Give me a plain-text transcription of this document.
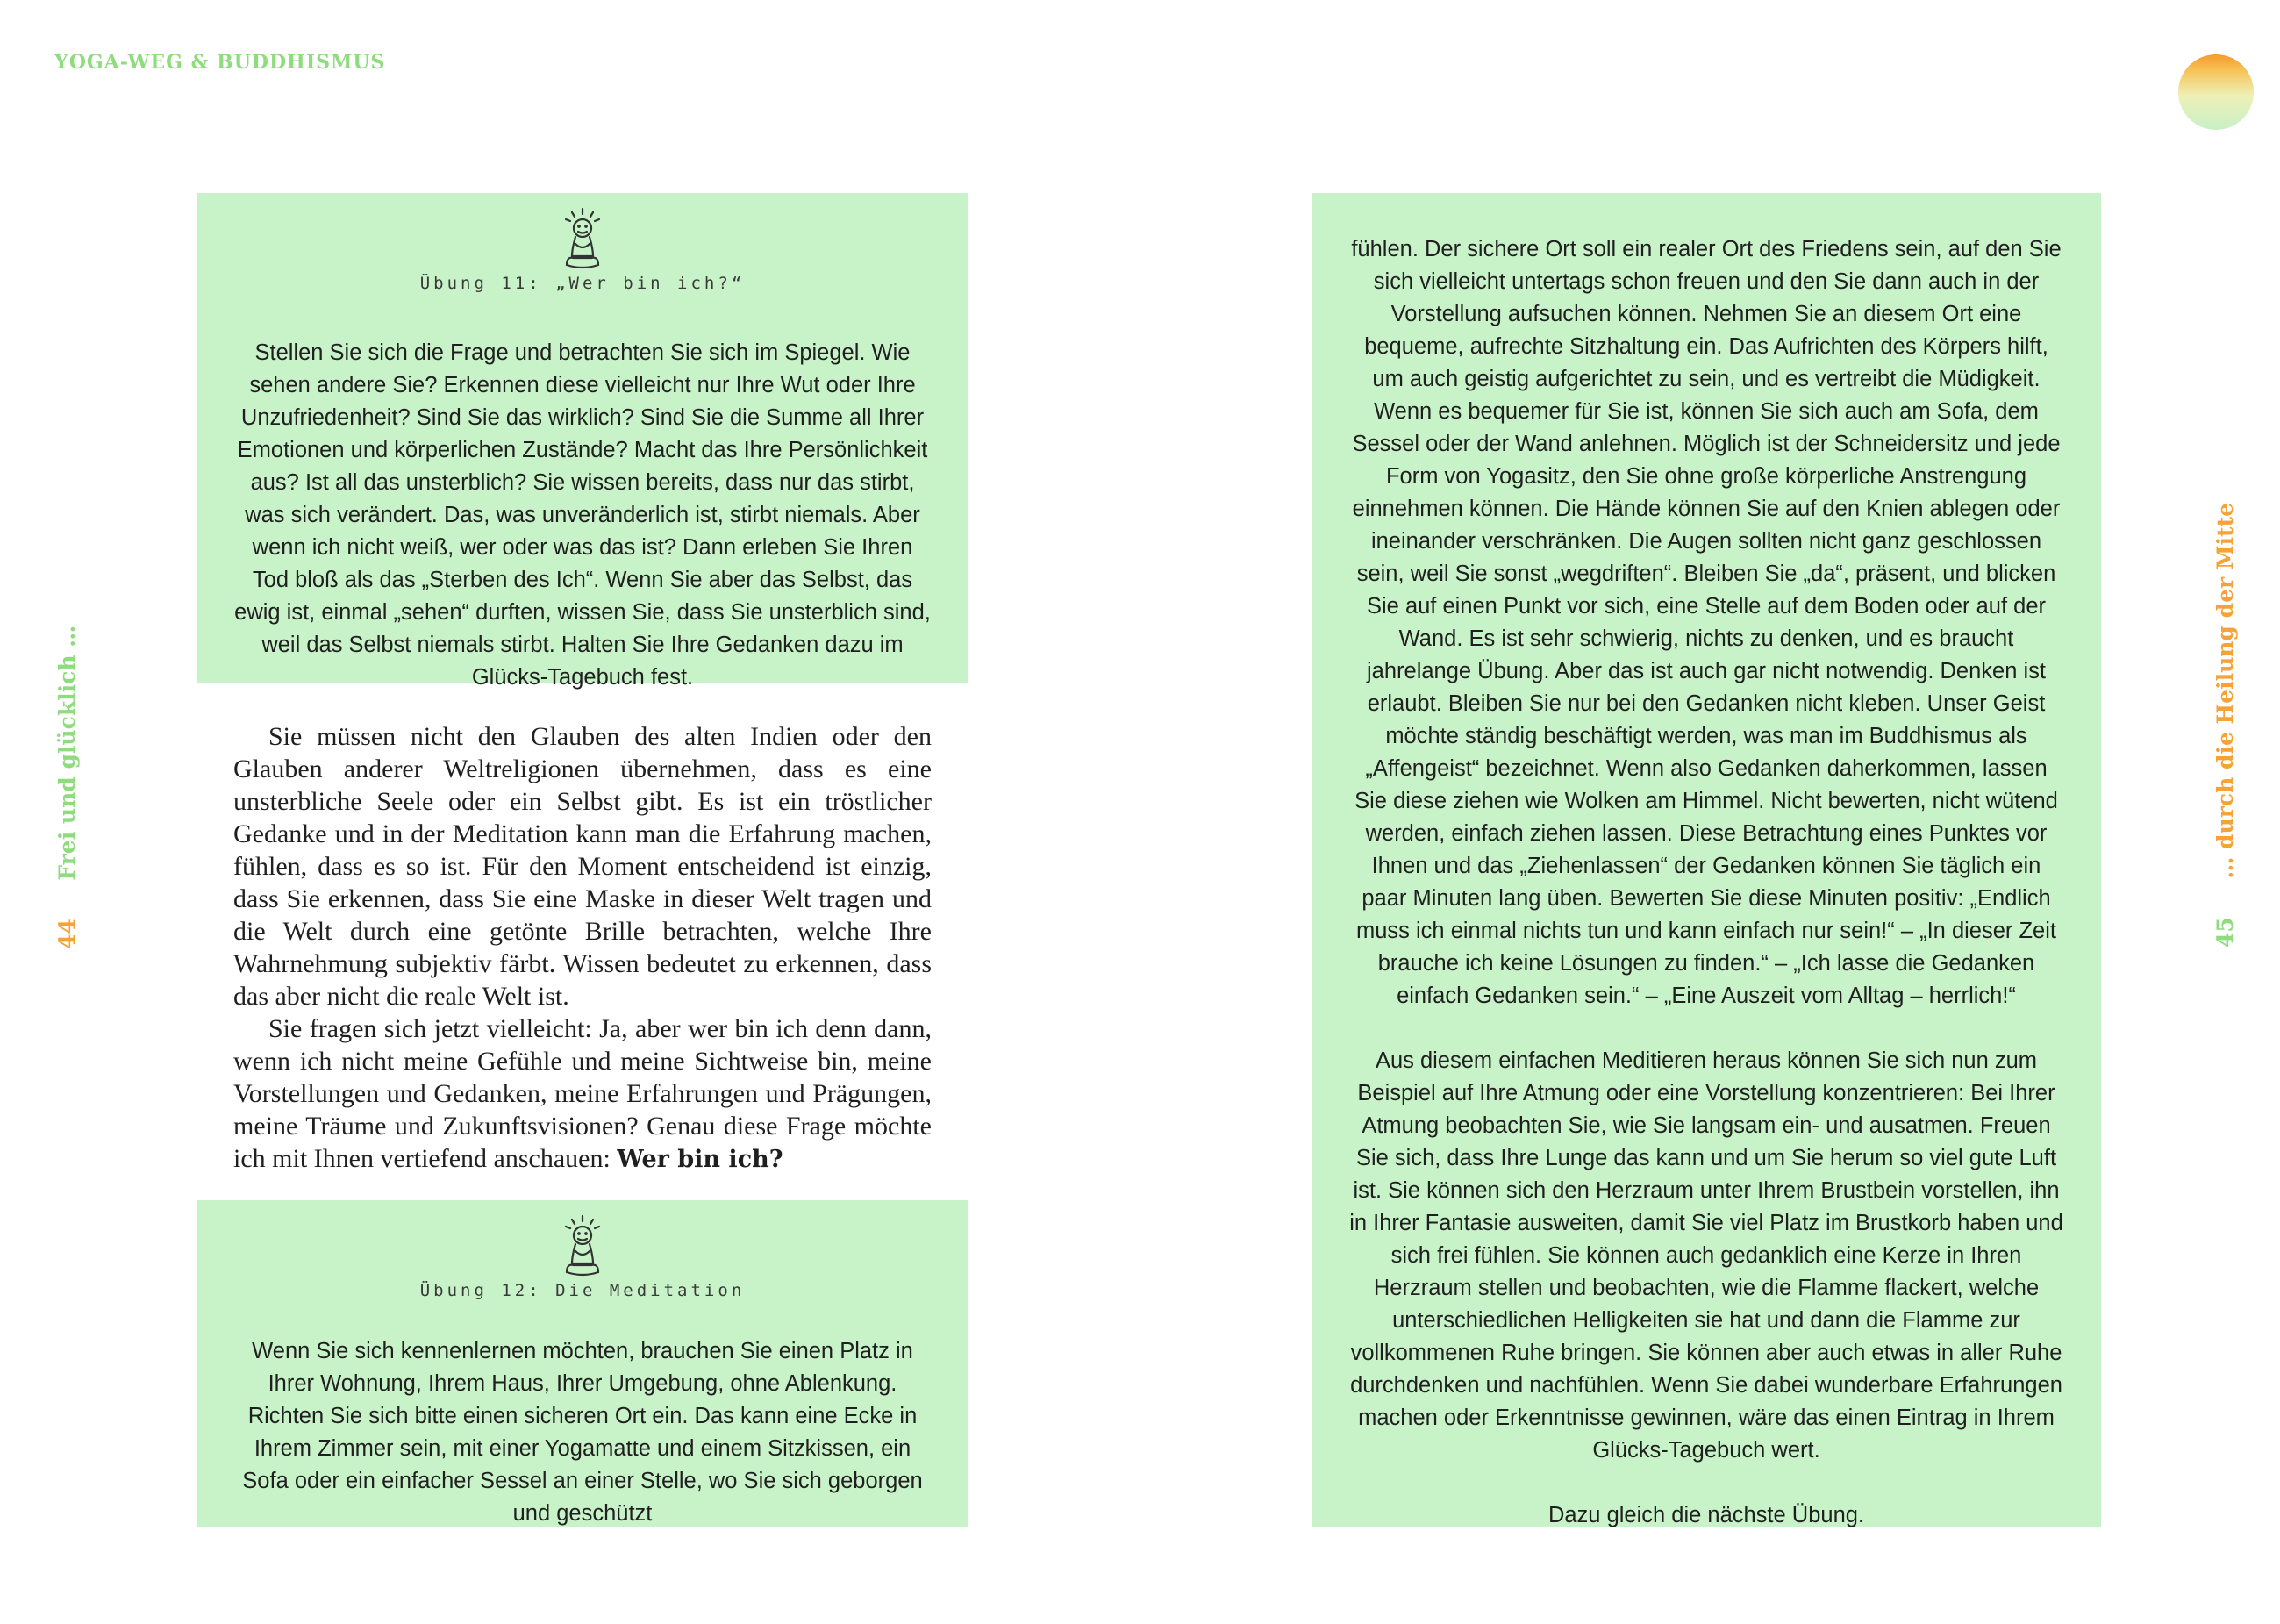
YOGA-WEG & BUDDHISMUS
44     Frei und glücklich …
45     … durch die Heilung der Mitte
Übung 11: „Wer bin ich?“
Stellen Sie sich die Frage und betrachten Sie sich im Spiegel. Wie sehen andere Sie? Erkennen diese vielleicht nur Ihre Wut oder Ihre Unzufriedenheit? Sind Sie das wirklich? Sind Sie die Summe all Ihrer Emotionen und körperlichen Zustände? Macht das Ihre Persönlichkeit aus? Ist all das unsterblich? Sie wissen bereits, dass nur das stirbt, was sich verändert. Das, was unveränderlich ist, stirbt niemals. Aber wenn ich nicht weiß, wer oder was das ist? Dann erleben Sie Ihren Tod bloß als das „Sterben des Ich“. Wenn Sie aber das Selbst, das ewig ist, einmal „sehen“ durften, wissen Sie, dass Sie unsterblich sind, weil das Selbst niemals stirbt. Halten Sie Ihre Gedanken dazu im Glücks-Tagebuch fest.

Sie müssen nicht den Glauben des alten Indien oder den Glauben anderer Weltreligionen übernehmen, dass es eine unsterbliche Seele oder ein Selbst gibt. Es ist ein tröstlicher Gedanke und in der Meditation kann man die Erfahrung machen, fühlen, dass es so ist. Für den Moment entscheidend ist einzig, dass Sie erkennen, dass Sie eine Maske in dieser Welt tragen und die Welt durch eine getönte Brille betrachten, welche Ihre Wahrnehmung subjektiv färbt. Wissen bedeutet zu erkennen, dass das aber nicht die reale Welt ist.

Sie fragen sich jetzt vielleicht: Ja, aber wer bin ich denn dann, wenn ich nicht meine Gefühle und meine Sichtweise bin, meine Vorstellungen und Gedanken, meine Erfahrungen und Prägungen, meine Träume und Zukunftsvisionen? Genau diese Frage möchte ich mit Ihnen vertiefend anschauen: Wer bin ich?

Übung 12: Die Meditation
Wenn Sie sich kennenlernen möchten, brauchen Sie einen Platz in Ihrer Wohnung, Ihrem Haus, Ihrer Umgebung, ohne Ablenkung. Richten Sie sich bitte einen sicheren Ort ein. Das kann eine Ecke in Ihrem Zimmer sein, mit einer Yogamatte und einem Sitzkissen, ein Sofa oder ein einfacher Sessel an einer Stelle, wo Sie sich geborgen und geschützt

fühlen. Der sichere Ort soll ein realer Ort des Friedens sein, auf den Sie sich vielleicht untertags schon freuen und den Sie dann auch in der Vorstellung aufsuchen können. Nehmen Sie an diesem Ort eine bequeme, aufrechte Sitzhaltung ein. Das Aufrichten des Körpers hilft, um auch geistig aufgerichtet zu sein, und es vertreibt die Müdigkeit. Wenn es bequemer für Sie ist, können Sie sich auch am Sofa, dem Sessel oder der Wand anlehnen. Möglich ist der Schneidersitz und jede Form von Yogasitz, den Sie ohne große körperliche Anstrengung einnehmen können. Die Hände können Sie auf den Knien ablegen oder ineinander verschränken. Die Augen sollten nicht ganz geschlossen sein, weil Sie sonst „wegdriften“. Bleiben Sie „da“, präsent, und blicken Sie auf einen Punkt vor sich, eine Stelle auf dem Boden oder auf der Wand. Es ist sehr schwierig, nichts zu denken, und es braucht jahrelange Übung. Aber das ist auch gar nicht notwendig. Denken ist erlaubt. Bleiben Sie nur bei den Gedanken nicht kleben. Unser Geist möchte ständig beschäftigt werden, was man im Buddhismus als „Affengeist“ bezeichnet. Wenn also Gedanken daherkommen, lassen Sie diese ziehen wie Wolken am Himmel. Nicht bewerten, nicht wütend werden, einfach ziehen lassen. Diese Betrachtung eines Punktes vor Ihnen und das „Ziehenlassen“ der Gedanken können Sie täglich ein paar Minuten lang üben. Bewerten Sie diese Minuten positiv: „Endlich muss ich einmal nichts tun und kann einfach nur sein!“ – „In dieser Zeit brauche ich keine Lösungen zu finden.“ – „Ich lasse die Gedanken einfach Gedanken sein.“ – „Eine Auszeit vom Alltag – herrlich!“

Aus diesem einfachen Meditieren heraus können Sie sich nun zum Beispiel auf Ihre Atmung oder eine Vorstellung konzentrieren: Bei Ihrer Atmung beobachten Sie, wie Sie langsam ein- und ausatmen. Freuen Sie sich, dass Ihre Lunge das kann und um Sie herum so viel gute Luft ist. Sie können sich den Herzraum unter Ihrem Brustbein vorstellen, ihn in Ihrer Fantasie ausweiten, damit Sie viel Platz im Brustkorb haben und sich frei fühlen. Sie können auch gedanklich eine Kerze in Ihren Herzraum stellen und beobachten, wie die Flamme flackert, welche unterschiedlichen Helligkeiten sie hat und dann die Flamme zur vollkommenen Ruhe bringen. Sie können aber auch etwas in aller Ruhe durchdenken und nachfühlen. Wenn Sie dabei wunderbare Erfahrungen machen oder Erkenntnisse gewinnen, wäre das einen Eintrag in Ihrem Glücks-Tagebuch wert.

Dazu gleich die nächste Übung.
